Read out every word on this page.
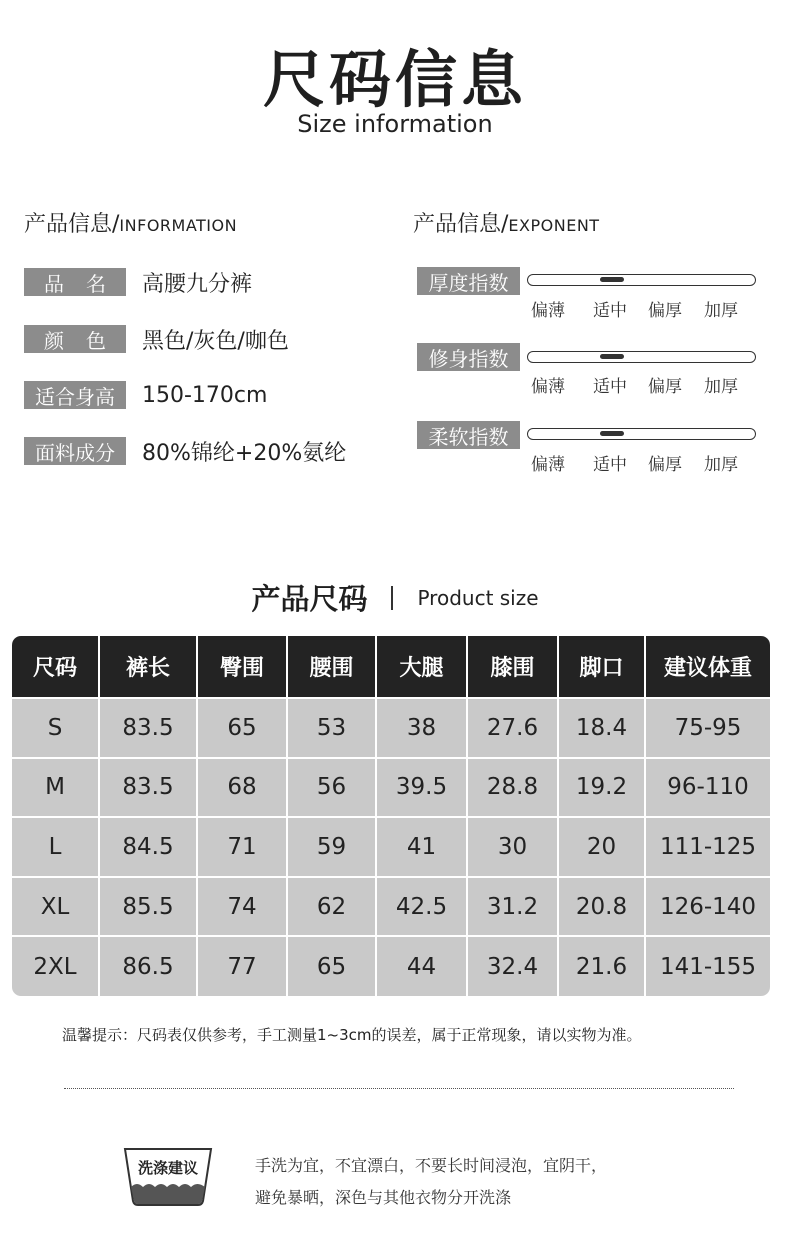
尺码信息
Size information
产品信息/INFORMATION	产品信息/EXPONENT
品名 高腰九分裤
颜色 黑色/灰色/咖色
适合身高	150-170cm
面料成分	80%锦纶+20%氨纶
厚度指数
偏薄 适中 偏厚 加厚
修身指数
偏薄 适中 偏厚 加厚
柔软指数
偏薄 适中 偏厚 加厚
产品尺码	Product size
尺码	裤长	臀围	腰围	大腿	膝围	脚口	建议体重
S	83.5	65	53	38	27.6	18.4	75-95
M	83.5	68	56	39.5	28.8	19.2	96-110
L	84.5	71	59	41	30	20	111-125
XL	85.5	74	62	42.5	31.2	20.8	126-140
2XL	86.5	77	65	44	32.4	21.6	141-155
温馨提示：尺码表仅供参考，手工测量1~3cm的误差，属于正常现象，请以实物为准。
洗涤建议	手洗为宜，不宜漂白，不要长时间浸泡，宜阴干，
避免暴晒，深色与其他衣物分开洗涤
